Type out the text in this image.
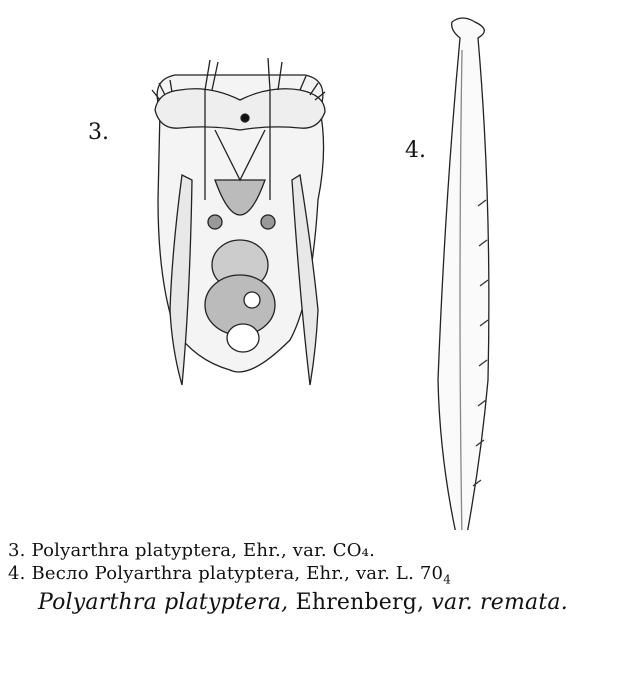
3.
4.
3. Polyarthra platyptera, Ehr., var. CO₄.
4. Весло Polyarthra platyptera, Ehr., var. L. $70_4$
Polyarthra platyptera, Ehrenberg, var. remata.
